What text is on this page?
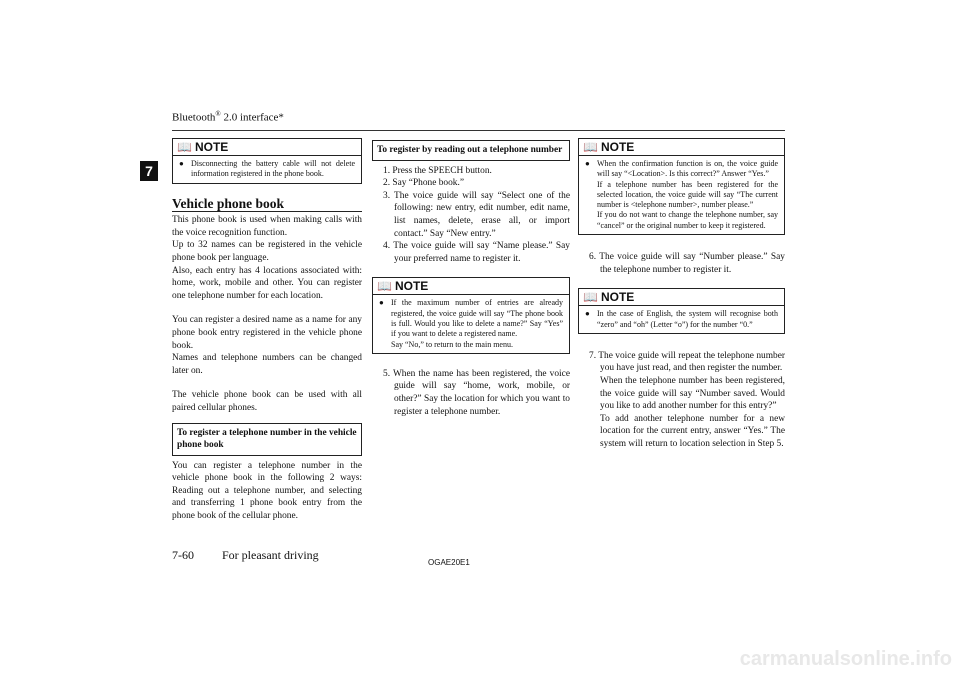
Bluetooth® 2.0 interface*
7
📖 NOTE
● Disconnecting the battery cable will not delete information registered in the phone book.
Vehicle phone book
This phone book is used when making calls with the voice recognition function.
Up to 32 names can be registered in the vehicle phone book per language.

Also, each entry has 4 locations associated with: home, work, mobile and other. You can register one telephone number for each location.

You can register a desired name as a name for any phone book entry registered in the vehicle phone book.

Names and telephone numbers can be changed later on.

The vehicle phone book can be used with all paired cellular phones.
To register a telephone number in the vehicle phone book
You can register a telephone number in the vehicle phone book in the following 2 ways: Reading out a telephone number, and selecting and transferring 1 phone book entry from the phone book of the cellular phone.
To register by reading out a telephone number
1. Press the SPEECH button.
2. Say “Phone book.”
3. The voice guide will say “Select one of the following: new entry, edit number, edit name, list names, delete, erase all, or import contact.” Say “New entry.”
4. The voice guide will say “Name please.” Say your preferred name to register it.
📖 NOTE
● If the maximum number of entries are already registered, the voice guide will say “The phone book is full. Would you like to delete a name?” Say “Yes” if you want to delete a registered name.
Say “No,” to return to the main menu.
5. When the name has been registered, the voice guide will say “home, work, mobile, or other?” Say the location for which you want to register a telephone number.
📖 NOTE
● When the confirmation function is on, the voice guide will say “<Location>. Is this correct?” Answer “Yes.”
If a telephone number has been registered for the selected location, the voice guide will say “The current number is <telephone number>, number please.”
If you do not want to change the telephone number, say “cancel” or the original number to keep it registered.
6. The voice guide will say “Number please.” Say the telephone number to register it.
📖 NOTE
● In the case of English, the system will recognise both “zero” and “oh” (Letter “o”) for the number “0.”
7. The voice guide will repeat the telephone number you have just read, and then register the number.
When the telephone number has been registered, the voice guide will say “Number saved. Would you like to add another number for this entry?”
To add another telephone number for a new location for the current entry, answer “Yes.” The system will return to location selection in Step 5.
7-60 For pleasant driving
OGAE20E1
carmanualsonline.info
